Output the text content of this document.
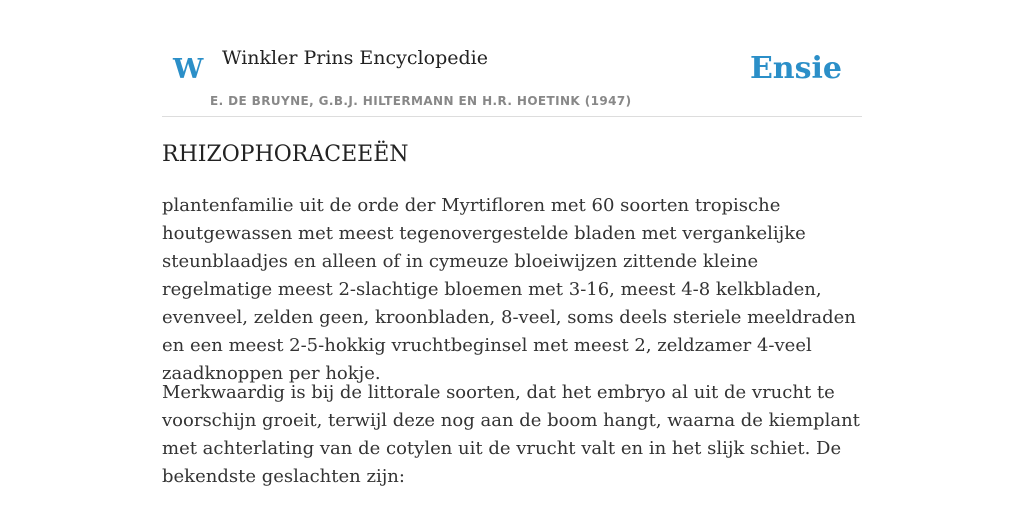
W Winkler Prins Encyclopedie
E. DE BRUYNE, G.B.J. HILTERMANN EN H.R. HOETINK (1947)
Ensie
RHIZOPHORACEEËN

plantenfamilie uit de orde der Myrtifloren met 60 soorten tropische houtgewassen met meest tegenovergestelde bladen met vergankelijke steunblaadjes en alleen of in cymeuze bloeiwijzen zittende kleine regelmatige meest 2-slachtige bloemen met 3-16, meest 4-8 kelkbladen, evenveel, zelden geen, kroonbladen, 8-veel, soms deels steriele meeldraden en een meest 2-5-hokkig vruchtbeginsel met meest 2, zeldzamer 4-veel zaadknoppen per hokje.

Merkwaardig is bij de littorale soorten, dat het embryo al uit de vrucht te voorschijn groeit, terwijl deze nog aan de boom hangt, waarna de kiemplant met achterlating van de cotylen uit de vrucht valt en in het slijk schiet. De bekendste geslachten zijn:
